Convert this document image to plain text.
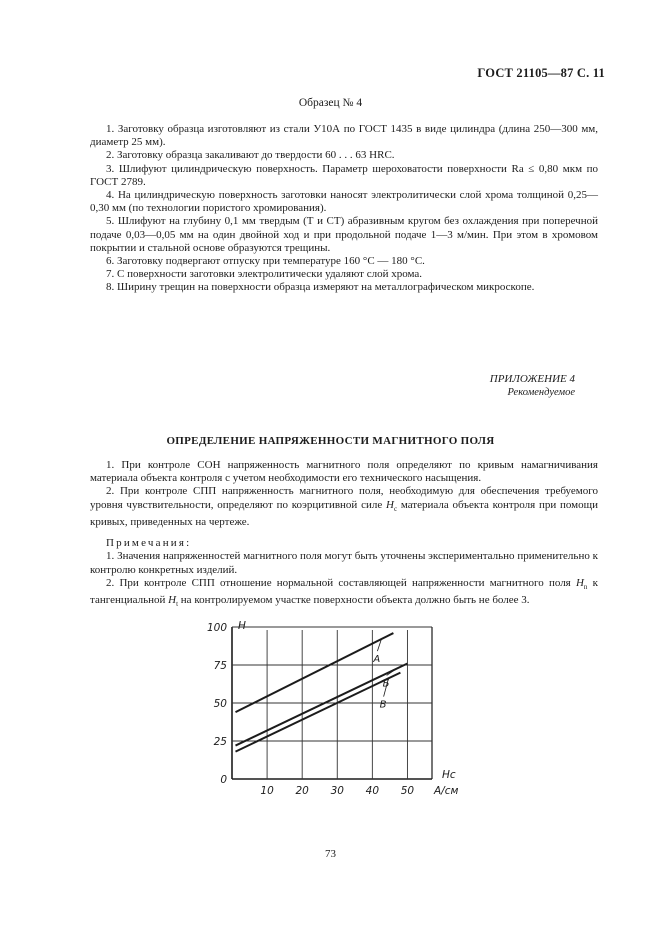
ГОСТ 21105—87 С. 11
Образец № 4

1. Заготовку образца изготовляют из стали У10А по ГОСТ 1435 в виде цилиндра (длина 250—300 мм, диаметр 25 мм).

2. Заготовку образца закаливают до твердости 60 . . . 63 HRC.

3. Шлифуют цилиндрическую поверхность. Параметр шероховатости поверхности Ra ≤ 0,80 мкм по ГОСТ 2789.

4. На цилиндрическую поверхность заготовки наносят электролитически слой хрома толщиной 0,25—0,30 мм (по технологии пористого хромирования).

5. Шлифуют на глубину 0,1 мм твердым (Т и СТ) абразивным кругом без охлаждения при поперечной подаче 0,03—0,05 мм на один двойной ход и при продольной подаче 1—3 м/мин. При этом в хромовом покрытии и стальной основе образуются трещины.

6. Заготовку подвергают отпуску при температуре 160 °С — 180 °С.

7. С поверхности заготовки электролитически удаляют слой хрома.

8. Ширину трещин на поверхности образца измеряют на металлографическом микроскопе.

ПРИЛОЖЕНИЕ 4
Рекомендуемое
ОПРЕДЕЛЕНИЕ НАПРЯЖЕННОСТИ МАГНИТНОГО ПОЛЯ

1. При контроле СОН напряженность магнитного поля определяют по кривым намагничивания материала объекта контроля с учетом необходимости его технического насыщения.

2. При контроле СПП напряженность магнитного поля, необходимую для обеспечения требуемого уровня чувствительности, определяют по коэрцитивной силе $H_c$ материала объекта контроля при помощи кривых, приведенных на чертеже.

Примечания:

1. Значения напряженностей магнитного поля могут быть уточнены экспериментально применительно к контролю конкретных изделий.

2. При контроле СПП отношение нормальной составляющей напряженности магнитного поля $H_n$ к тангенциальной $H_t$ на контролируемом участке поверхности объекта должно быть не более 3.

10 20 30 40 50
0
25
50
75
100 H
Hc
А/см
А
Б
В
73
